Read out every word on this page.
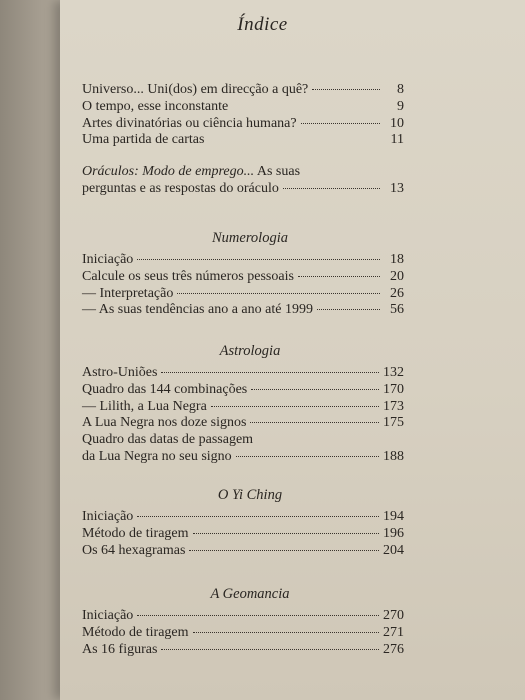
Índice
Universo... Uni(dos) em direcção a quê?	8
O tempo, esse inconstante	9
Artes divinatórias ou ciência humana?	10
Uma partida de cartas	11
Oráculos: Modo de emprego... As suas
perguntas e as respostas do oráculo	13
Numerologia
Iniciação	18
Calcule os seus três números pessoais	20
— Interpretação	26
— As suas tendências ano a ano até 1999	56
Astrologia
Astro-Uniões	132
Quadro das 144 combinações	170
— Lilith, a Lua Negra	173
A Lua Negra nos doze signos	175
Quadro das datas de passagem
da Lua Negra no seu signo	188
O Yi Ching
Iniciação	194
Método de tiragem	196
Os 64 hexagramas	204
A Geomancia
Iniciação	270
Método de tiragem	271
As 16 figuras	276
